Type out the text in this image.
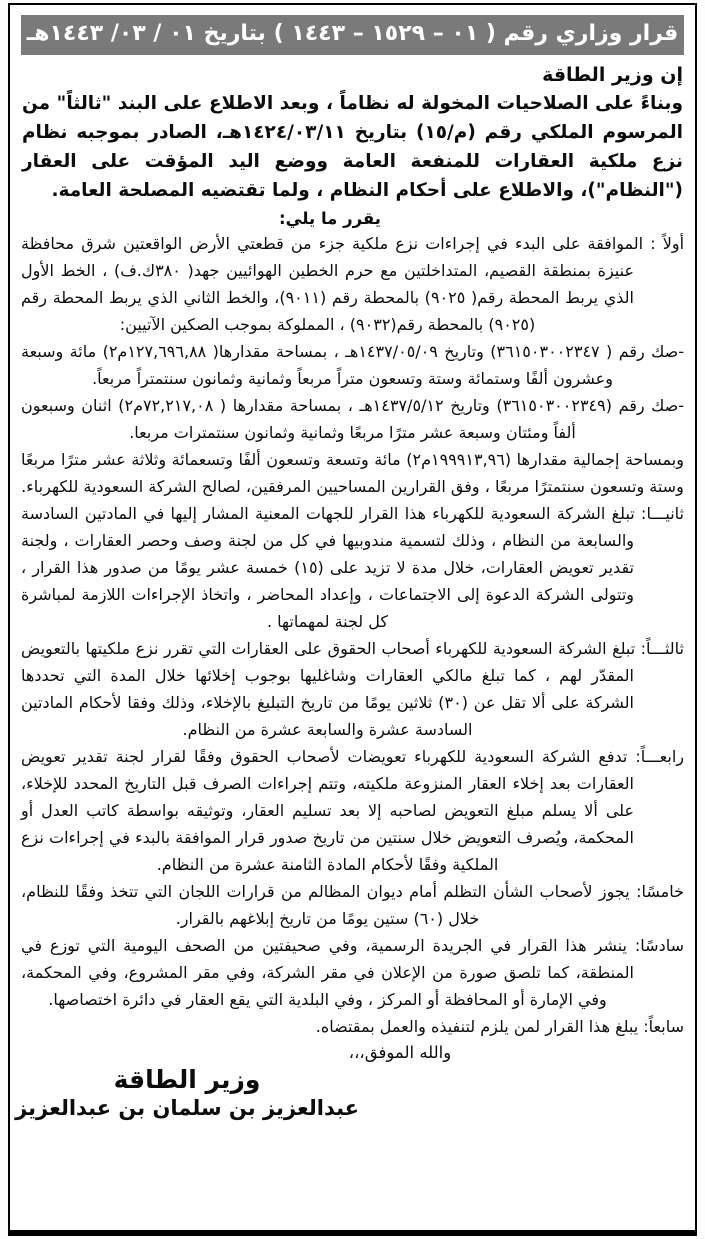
قرار وزاري رقم ( ٠١ – ١٥٢٩ – ١٤٤٣ ) بتاريخ ٠١ / ٠٣/ ١٤٤٣هـ

إن وزير الطاقة

وبناءً على الصلاحيات المخولة له نظاماً ، وبعد الاطلاع على البند "ثالثاً" من المرسوم الملكي رقم (م/١٥) بتاريخ ١٤٢٤/٠٣/١١هـ، الصادر بموجبه نظام نزع ملكية العقارات للمنفعة العامة ووضع اليد المؤقت على العقار ("النظام")، والاطلاع على أحكام النظام ، ولما تقتضيه المصلحة العامة.

يقرر ما يلي:

أولاً : الموافقة على البدء في إجراءات نزع ملكية جزء من قطعتي الأرض الواقعتين شرق محافظة عنيزة بمنطقة القصيم، المتداخلتين مع حرم الخطين الهوائيين جهد( ٣٨٠ك.ف) ، الخط الأول الذي يربط المحطة رقم( ٩٠٢٥) بالمحطة رقم (٩٠١١)، والخط الثاني الذي يربط المحطة رقم (٩٠٢٥) بالمحطة رقم(٩٠٣٢) ، المملوكة بموجب الصكين الآتيين:

-صك رقم ( ٣٦١٥٠٣٠٠٢٣٤٧) وتاريخ ١٤٣٧/٠٥/٠٩هـ ، بمساحة مقدارها( ١٢٧,٦٩٦,٨٨م٢) مائة وسبعة وعشرون ألفًا وستمائة وستة وتسعون متراً مربعاً وثمانية وثمانون سنتمتراً مربعاً.

-صك رقم (٣٦١٥٠٣٠٠٢٣٤٩) وتاريخ ١٤٣٧/٥/١٢هـ ، بمساحة مقدارها ( ٧٢,٢١٧,٠٨م٢) اثنان وسبعون ألفاً ومئتان وسبعة عشر مترًا مربعًا وثمانية وثمانون سنتمترات مربعا.

وبمساحة إجمالية مقدارها (١٩٩٩١٣,٩٦م٢) مائة وتسعة وتسعون ألفًا وتسعمائة وثلاثة عشر مترًا مربعًا وستة وتسعون سنتمترًا مربعًا ، وفق القرارين المساحيين المرفقين، لصالح الشركة السعودية للكهرباء.

ثانيـــا: تبلغ الشركة السعودية للكهرباء هذا القرار للجهات المعنية المشار إليها في المادتين السادسة والسابعة من النظام ، وذلك لتسمية مندوبيها في كل من لجنة وصف وحصر العقارات ، ولجنة تقدير تعويض العقارات، خلال مدة لا تزيد على (١٥) خمسة عشر يومًا من صدور هذا القرار ، وتتولى الشركة الدعوة إلى الاجتماعات ، وإعداد المحاضر ، واتخاذ الإجراءات اللازمة لمباشرة كل لجنة لمهماتها .

ثالثـــاً: تبلغ الشركة السعودية للكهرباء أصحاب الحقوق على العقارات التي تقرر نزع ملكيتها بالتعويض المقدّر لهم ، كما تبلغ مالكي العقارات وشاغليها بوجوب إخلائها خلال المدة التي تحددها الشركة على ألا تقل عن (٣٠) ثلاثين يومًا من تاريخ التبليغ بالإخلاء، وذلك وفقا لأحكام المادتين السادسة عشرة والسابعة عشرة من النظام.

رابعـــاً: تدفع الشركة السعودية للكهرباء تعويضات لأصحاب الحقوق وفقًا لقرار لجنة تقدير تعويض العقارات بعد إخلاء العقار المنزوعة ملكيته، وتتم إجراءات الصرف قبل التاريخ المحدد للإخلاء، على ألا يسلم مبلغ التعويض لصاحبه إلا بعد تسليم العقار، وتوثيقه بواسطة كاتب العدل أو المحكمة، ويُصرف التعويض خلال سنتين من تاريخ صدور قرار الموافقة بالبدء في إجراءات نزع الملكية وفقًا لأحكام المادة الثامنة عشرة من النظام.

خامسًا: يجوز لأصحاب الشأن التظلم أمام ديوان المظالم من قرارات اللجان التي تتخذ وفقًا للنظام، خلال (٦٠) ستين يومًا من تاريخ إبلاغهم بالقرار.

سادسًا: ينشر هذا القرار في الجريدة الرسمية، وفي صحيفتين من الصحف اليومية التي توزع في المنطقة، كما تلصق صورة من الإعلان في مقر الشركة، وفي مقر المشروع، وفي المحكمة، وفي الإمارة أو المحافظة أو المركز ، وفي البلدية التي يقع العقار في دائرة اختصاصها.

سابعاً: يبلغ هذا القرار لمن يلزم لتنفيذه والعمل بمقتضاه.

والله الموفق،،،

وزير الطاقة

عبدالعزيز بن سلمان بن عبدالعزيز
